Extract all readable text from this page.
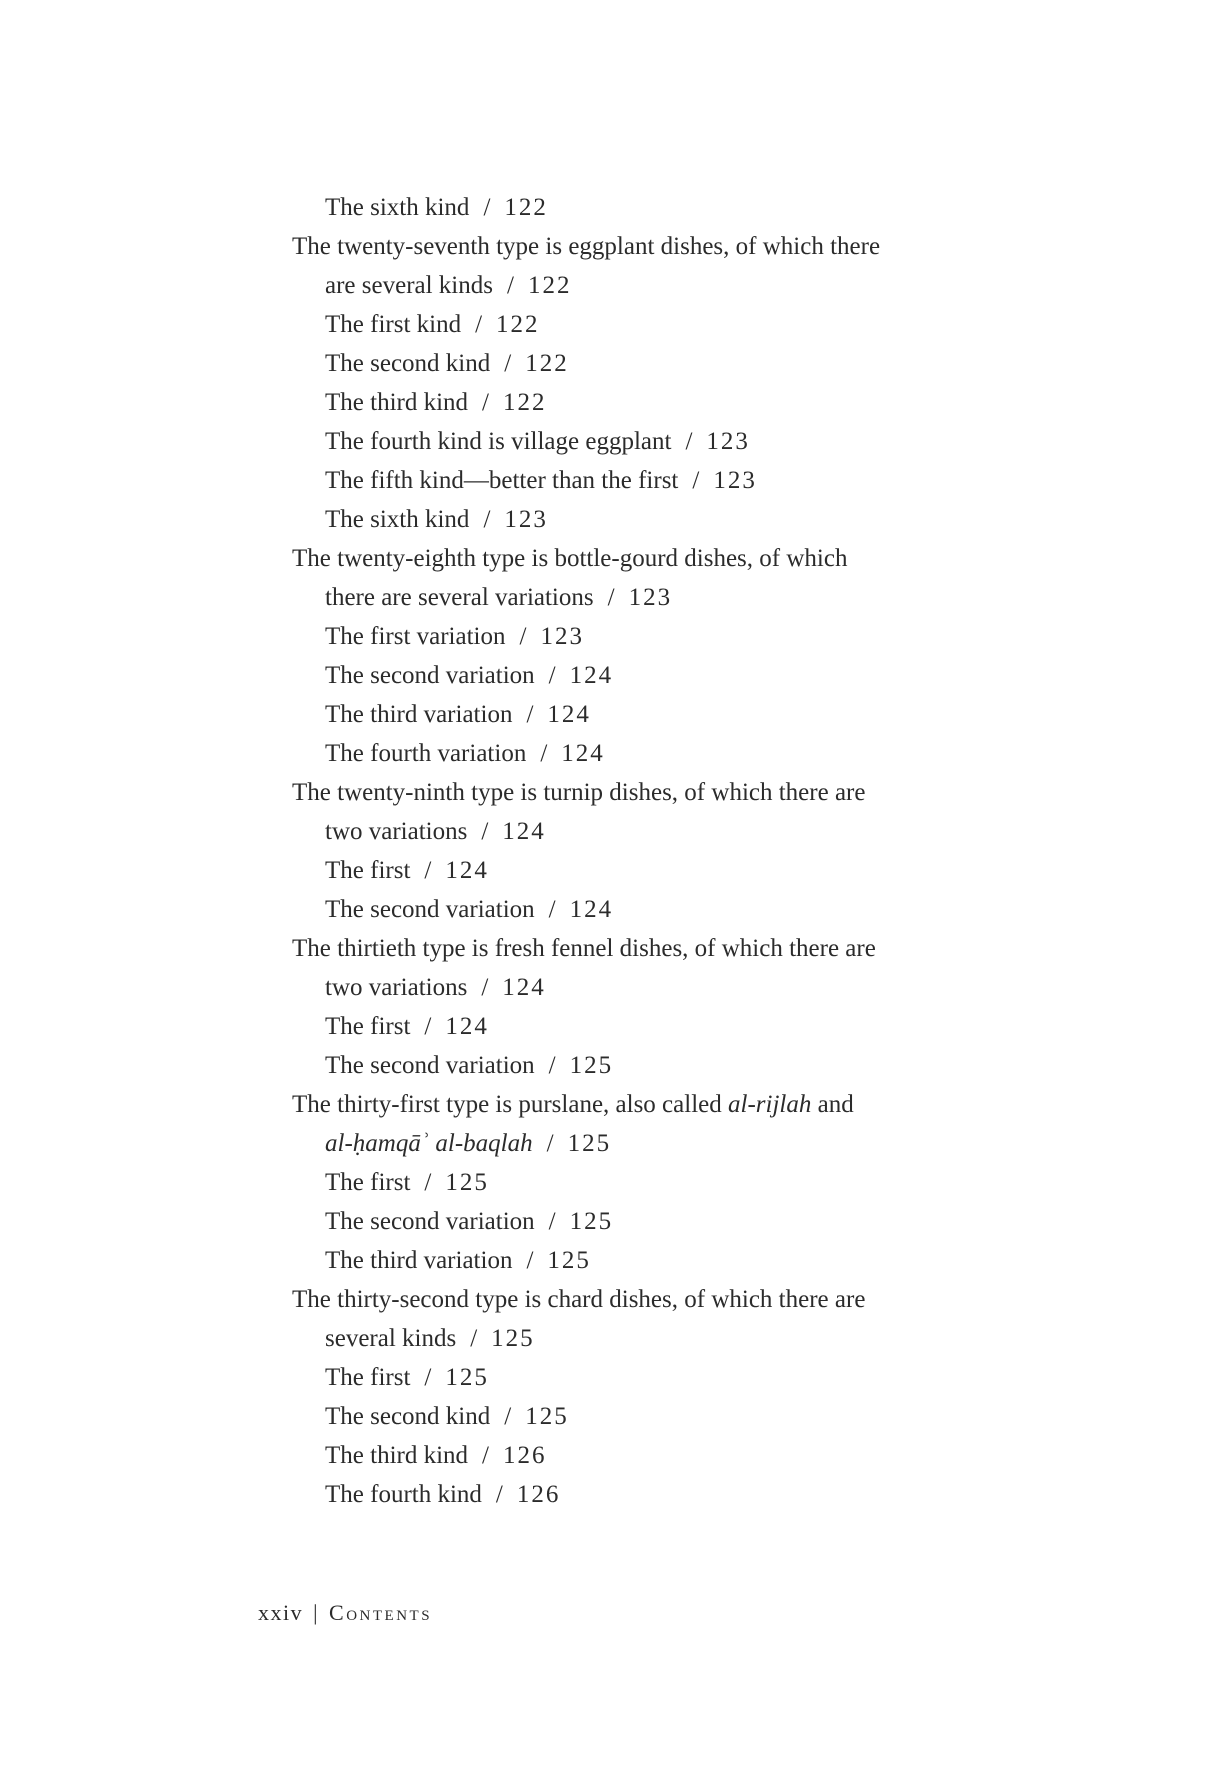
The sixth kind / 122
The twenty-seventh type is eggplant dishes, of which there
are several kinds / 122
The first kind / 122
The second kind / 122
The third kind / 122
The fourth kind is village eggplant / 123
The fifth kind—better than the first / 123
The sixth kind / 123
The twenty-eighth type is bottle-gourd dishes, of which
there are several variations / 123
The first variation / 123
The second variation / 124
The third variation / 124
The fourth variation / 124
The twenty-ninth type is turnip dishes, of which there are
two variations / 124
The first / 124
The second variation / 124
The thirtieth type is fresh fennel dishes, of which there are
two variations / 124
The first / 124
The second variation / 125
The thirty-first type is purslane, also called al-rijlah and
al-ḥamqāʾ al-baqlah / 125
The first / 125
The second variation / 125
The third variation / 125
The thirty-second type is chard dishes, of which there are
several kinds / 125
The first / 125
The second kind / 125
The third kind / 126
The fourth kind / 126
xxiv | Contents
